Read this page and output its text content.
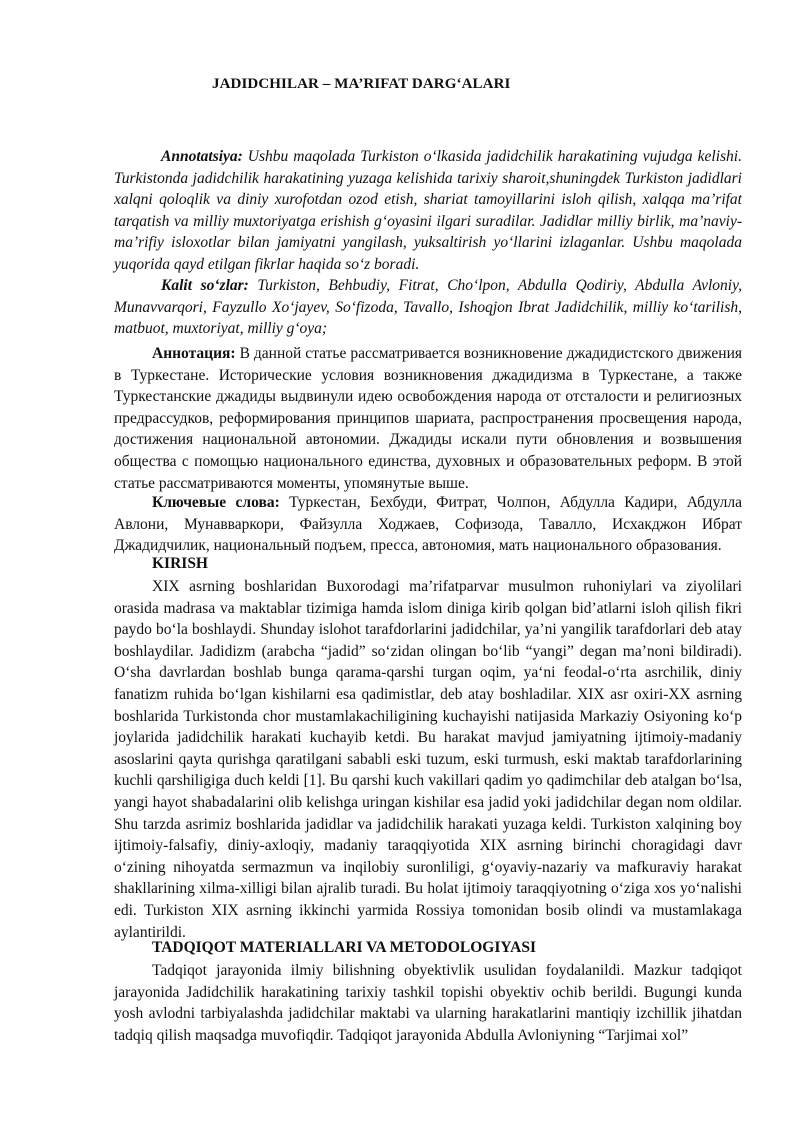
JADIDCHILAR – MA’RIFAT DARG‘ALARI

Annotatsiya: Ushbu maqolada Turkiston o‘lkasida jadidchilik harakatining vujudga kelishi. Turkistonda jadidchilik harakatining yuzaga kelishida tarixiy sharoit,shuningdek Turkiston jadidlari xalqni qoloqlik va diniy xurofotdan ozod etish, shariat tamoyillarini isloh qilish, xalqqa ma’rifat tarqatish va milliy muxtoriyatga erishish g‘oyasini ilgari suradilar. Jadidlar milliy birlik, ma’naviy-ma’rifiy isloxotlar bilan jamiyatni yangilash, yuksaltirish yo‘llarini izlaganlar. Ushbu maqolada yuqorida qayd etilgan fikrlar haqida so‘z boradi.

Kalit so‘zlar: Turkiston, Behbudiy, Fitrat, Cho‘lpon, Abdulla Qodiriy, Abdulla Avloniy, Munavvarqori, Fayzullo Xo‘jayev, So‘fizoda, Tavallo, Ishoqjon Ibrat Jadidchilik, milliy ko‘tarilish, matbuot, muxtoriyat, milliy g‘oya;

Аннотация: В данной статье рассматривается возникновение джадидистского движения в Туркестане. Исторические условия возникновения джадидизма в Туркестане, а также Туркестанские джадиды выдвинули идею освобождения народа от отсталости и религиозных предрассудков, реформирования принципов шариата, распространения просвещения народа, достижения национальной автономии. Джадиды искали пути обновления и возвышения общества с помощью национального единства, духовных и образовательных реформ. В этой статье рассматриваются моменты, упомянутые выше.

Ключевые слова: Туркестан, Бехбуди, Фитрат, Чолпон, Абдулла Кадири, Абдулла Авлони, Мунавваркори, Файзулла Ходжаев, Софизода, Тавалло, Исхакджон Ибрат Джадидчилик, национальный подъем, пресса, автономия, мать национального образования.

KIRISH

XIX asrning boshlaridan Buxorodagi ma’rifatparvar musulmon ruhoniylari va ziyolilari orasida madrasa va maktablar tizimiga hamda islom diniga kirib qolgan bid’atlarni isloh qilish fikri paydo bo‘la boshlaydi. Shunday islohot tarafdorlarini jadidchilar, ya’ni yangilik tarafdorlari deb atay boshlaydilar. Jadidizm (arabcha “jadid” so‘zidan olingan bo‘lib “yangi” degan ma’noni bildiradi). O‘sha davrlardan boshlab bunga qarama-qarshi turgan oqim, ya‘ni feodal-o‘rta asrchilik, diniy fanatizm ruhida bo‘lgan kishilarni esa qadimistlar, deb atay boshladilar. XIX asr oxiri-XX asrning boshlarida Turkistonda chor mustamlakachiligining kuchayishi natijasida Markaziy Osiyoning ko‘p joylarida jadidchilik harakati kuchayib ketdi. Bu harakat mavjud jamiyatning ijtimoiy-madaniy asoslarini qayta qurishga qaratilgani sababli eski tuzum, eski turmush, eski maktab tarafdorlarining kuchli qarshiligiga duch keldi [1]. Bu qarshi kuch vakillari qadim yo qadimchilar deb atalgan bo‘lsa, yangi hayot shabadalarini olib kelishga uringan kishilar esa jadid yoki jadidchilar degan nom oldilar. Shu tarzda asrimiz boshlarida jadidlar va jadidchilik harakati yuzaga keldi. Turkiston xalqining boy ijtimoiy-falsafiy, diniy-axloqiy, madaniy taraqqiyotida XIX asrning birinchi choragidagi davr o‘zining nihoyatda sermazmun va inqilobiy suronliligi, g‘oyaviy-nazariy va mafkuraviy harakat shakllarining xilma-xilligi bilan ajralib turadi. Bu holat ijtimoiy taraqqiyotning o‘ziga xos yo‘nalishi edi. Turkiston XIX asrning ikkinchi yarmida Rossiya tomonidan bosib olindi va mustamlakaga aylantirildi.

TADQIQOT MATERIALLARI VA METODOLOGIYASI

Tadqiqot jarayonida ilmiy bilishning obyektivlik usulidan foydalanildi. Mazkur tadqiqot jarayonida Jadidchilik harakatining tarixiy tashkil topishi obyektiv ochib berildi. Bugungi kunda yosh avlodni tarbiyalashda jadidchilar maktabi va ularning harakatlarini mantiqiy izchillik jihatdan tadqiq qilish maqsadga muvofiqdir. Tadqiqot jarayonida Abdulla Avloniyning “Tarjimai xol”
